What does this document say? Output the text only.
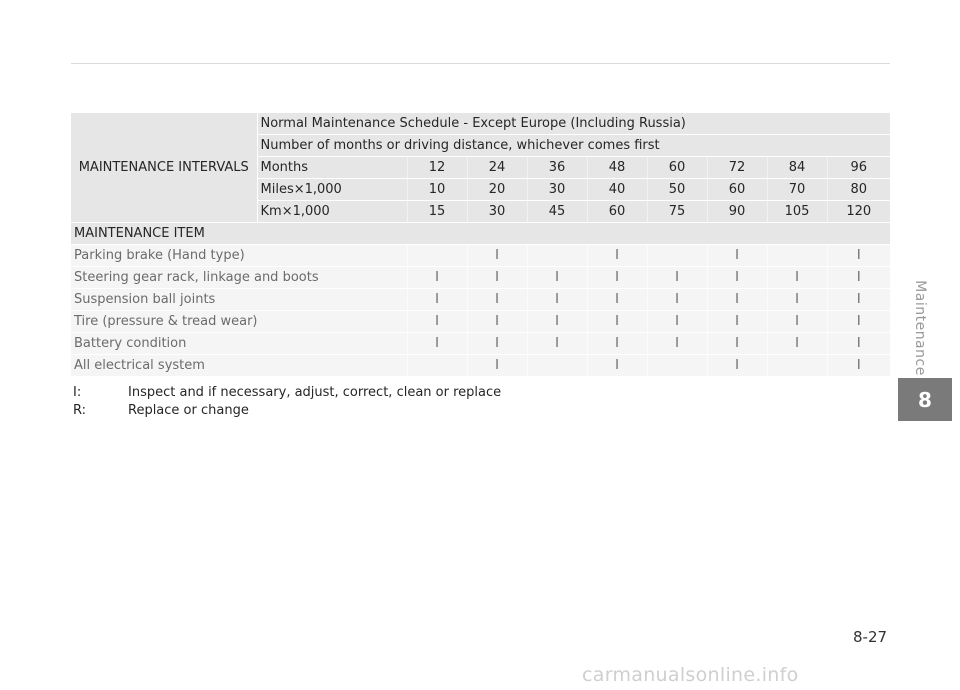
MAINTENANCE INTERVALS	Normal Maintenance Schedule - Except Europe (Including Russia)								
	Number of months or driving distance, whichever comes first								
	Months	12	24	36	48	60	72	84	96
	Miles×1,000	10	20	30	40	50	60	70	80
	Km×1,000	15	30	45	60	75	90	105	120
MAINTENANCE ITEM									
Parking brake (Hand type)			I		I		I		I
Steering gear rack, linkage and boots		I	I	I	I	I	I	I	I
Suspension ball joints		I	I	I	I	I	I	I	I
Tire (pressure & tread wear)		I	I	I	I	I	I	I	I
Battery condition		I	I	I	I	I	I	I	I
All electrical system			I		I		I		I
I:	Inspect and if necessary, adjust, correct, clean or replace
R:	Replace or change
Maintenance
8
8-27
carmanualsonline.info
